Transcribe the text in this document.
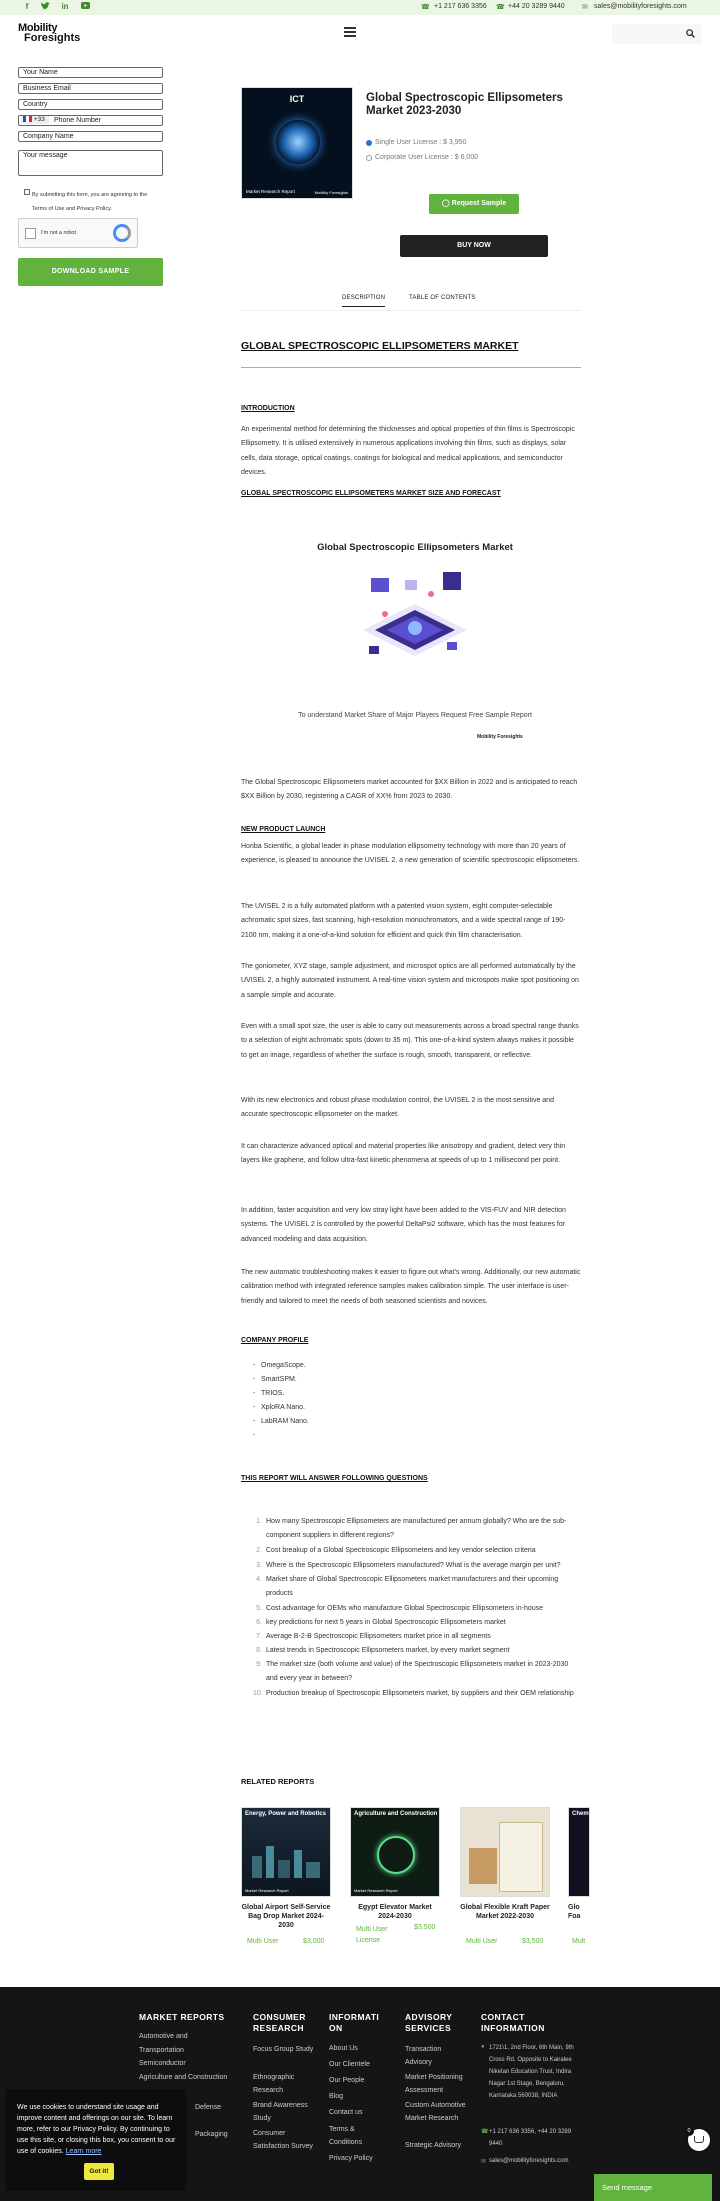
f	in	☎ +1 217 636 3356 ☎ +44 20 3289 9440 ✉ sales@mobilityforesights.com
Mobility
Foresights
Your Name
Business Email
Country
+33 Phone Number
Company Name
Your message
By submitting this form, you are agreeing to the Terms of Use and Privacy Policy.
I'm not a robot
DOWNLOAD SAMPLE
ICT
Market Research Report	Mobility Foresights
Global Spectroscopic Ellipsometers Market 2023-2030
Single User License : $ 3,950
Corporate User License : $ 6,000
◯ Request Sample
BUY NOW
DESCRIPTION	TABLE OF CONTENTS
GLOBAL SPECTROSCOPIC ELLIPSOMETERS MARKET
INTRODUCTION
An experimental method for determining the thicknesses and optical properties of thin films is Spectroscopic Ellipsometry. It is utilised extensively in numerous applications involving thin films, such as displays, solar cells, data storage, optical coatings, coatings for biological and medical applications, and semiconductor devices.
GLOBAL SPECTROSCOPIC ELLIPSOMETERS MARKET SIZE AND FORECAST
Global Spectroscopic Ellipsometers Market
To understand Market Share of Major Players Request Free Sample Report
Mobility Foresights
The Global Spectroscopic Ellipsometers market accounted for $XX Billion in 2022 and is anticipated to reach $XX Billion by 2030, registering a CAGR of XX% from 2023 to 2030.
NEW PRODUCT LAUNCH
Horiba Scientific, a global leader in phase modulation ellipsometry technology with more than 20 years of experience, is pleased to announce the UVISEL 2, a new generation of scientific spectroscopic ellipsometers.
The UVISEL 2 is a fully automated platform with a patented vision system, eight computer-selectable achromatic spot sizes, fast scanning, high-resolution monochromators, and a wide spectral range of 190-2100 nm, making it a one-of-a-kind solution for efficient and quick thin film characterisation.
The goniometer, XYZ stage, sample adjustment, and microspot optics are all performed automatically by the UVISEL 2, a highly automated instrument. A real-time vision system and microspots make spot positioning on a sample simple and accurate.
Even with a small spot size, the user is able to carry out measurements across a broad spectral range thanks to a selection of eight achromatic spots (down to 35 m). This one-of-a-kind system always makes it possible to get an image, regardless of whether the surface is rough, smooth, transparent, or reflective.
With its new electronics and robust phase modulation control, the UVISEL 2 is the most sensitive and accurate spectroscopic ellipsometer on the market.
It can characterize advanced optical and material properties like anisotropy and gradient, detect very thin layers like graphene, and follow ultra-fast kinetic phenomena at speeds of up to 1 millisecond per point.
In addition, faster acquisition and very low stray light have been added to the VIS-FUV and NIR detection systems. The UVISEL 2 is controlled by the powerful DeltaPsi2 software, which has the most features for advanced modeling and data acquisition.
The new automatic troubleshooting makes it easier to figure out what's wrong. Additionally, our new automatic calibration method with integrated reference samples makes calibration simple. The user interface is user-friendly and tailored to meet the needs of both seasoned scientists and novices.
COMPANY PROFILE
- OmegaScope.
- SmartSPM.
- TRIOS.
- XploRA Nano.
- LabRAM Nano.
-
THIS REPORT WILL ANSWER FOLLOWING QUESTIONS
1. How many Spectroscopic Ellipsometers are manufactured per annum globally? Who are the sub-component suppliers in different regions?
2. Cost breakup of a Global Spectroscopic Ellipsometers and key vendor selection criteria
3. Where is the Spectroscopic Ellipsometers manufactured? What is the average margin per unit?
4. Market share of Global Spectroscopic Ellipsometers market manufacturers and their upcoming products
5. Cost advantage for OEMs who manufacture Global Spectroscopic Ellipsometers in-house
6. key predictions for next 5 years in Global Spectroscopic Ellipsometers market
7. Average B-2-B Spectroscopic Ellipsometers market price in all segments
8. Latest trends in Spectroscopic Ellipsometers market, by every market segment
9. The market size (both volume and value) of the Spectroscopic Ellipsometers market in 2023-2030 and every year in between?
10. Production breakup of Spectroscopic Ellipsometers market, by suppliers and their OEM relationship
RELATED REPORTS
Energy, Power and Robotics
Market Research Report
Global Airport Self-Service Bag Drop Market 2024-2030
Multi User	$3,000
Agriculture and Construction
Market Research Report
Egypt Elevator Market 2024-2030
Multi User License
$3,500
Global Flexible Kraft Paper Market 2022-2030
Multi User	$3,500
Chem
Glo Foa
Mult
MARKET REPORTS
Automotive and Transportation
Semiconductor
Agriculture and Construction
Defense
Packaging
CONSUMER RESEARCH
Focus Group Study
Ethnographic Research
Brand Awareness Study
Consumer Satisfaction Survey
INFORMATION
About Us
Our Clientele
Our People
Blog
Contact us
Terms & Conditions
Privacy Policy
ADVISORY SERVICES
Transaction Advisory
Market Positioning Assessment
Custom Automotive Market Research
Strategic Advisory
CONTACT INFORMATION
● 1721\1, 2nd Floor, 6th Main, 9th Cross Rd, Opposite to Kairalee Niketan Education Trust, Indira Nagar 1st Stage, Bengaluru, Karnataka 560038, INDIA
☎ +1 217 636 3356, +44 20 3289 9440
✉ sales@mobilityforesights.com
We use cookies to understand site usage and improve content and offerings on our site. To learn more, refer to our Privacy Policy. By continuing to use this site, or closing this box, you consent to our use of cookies. Learn more
Got it!
0
Send message
